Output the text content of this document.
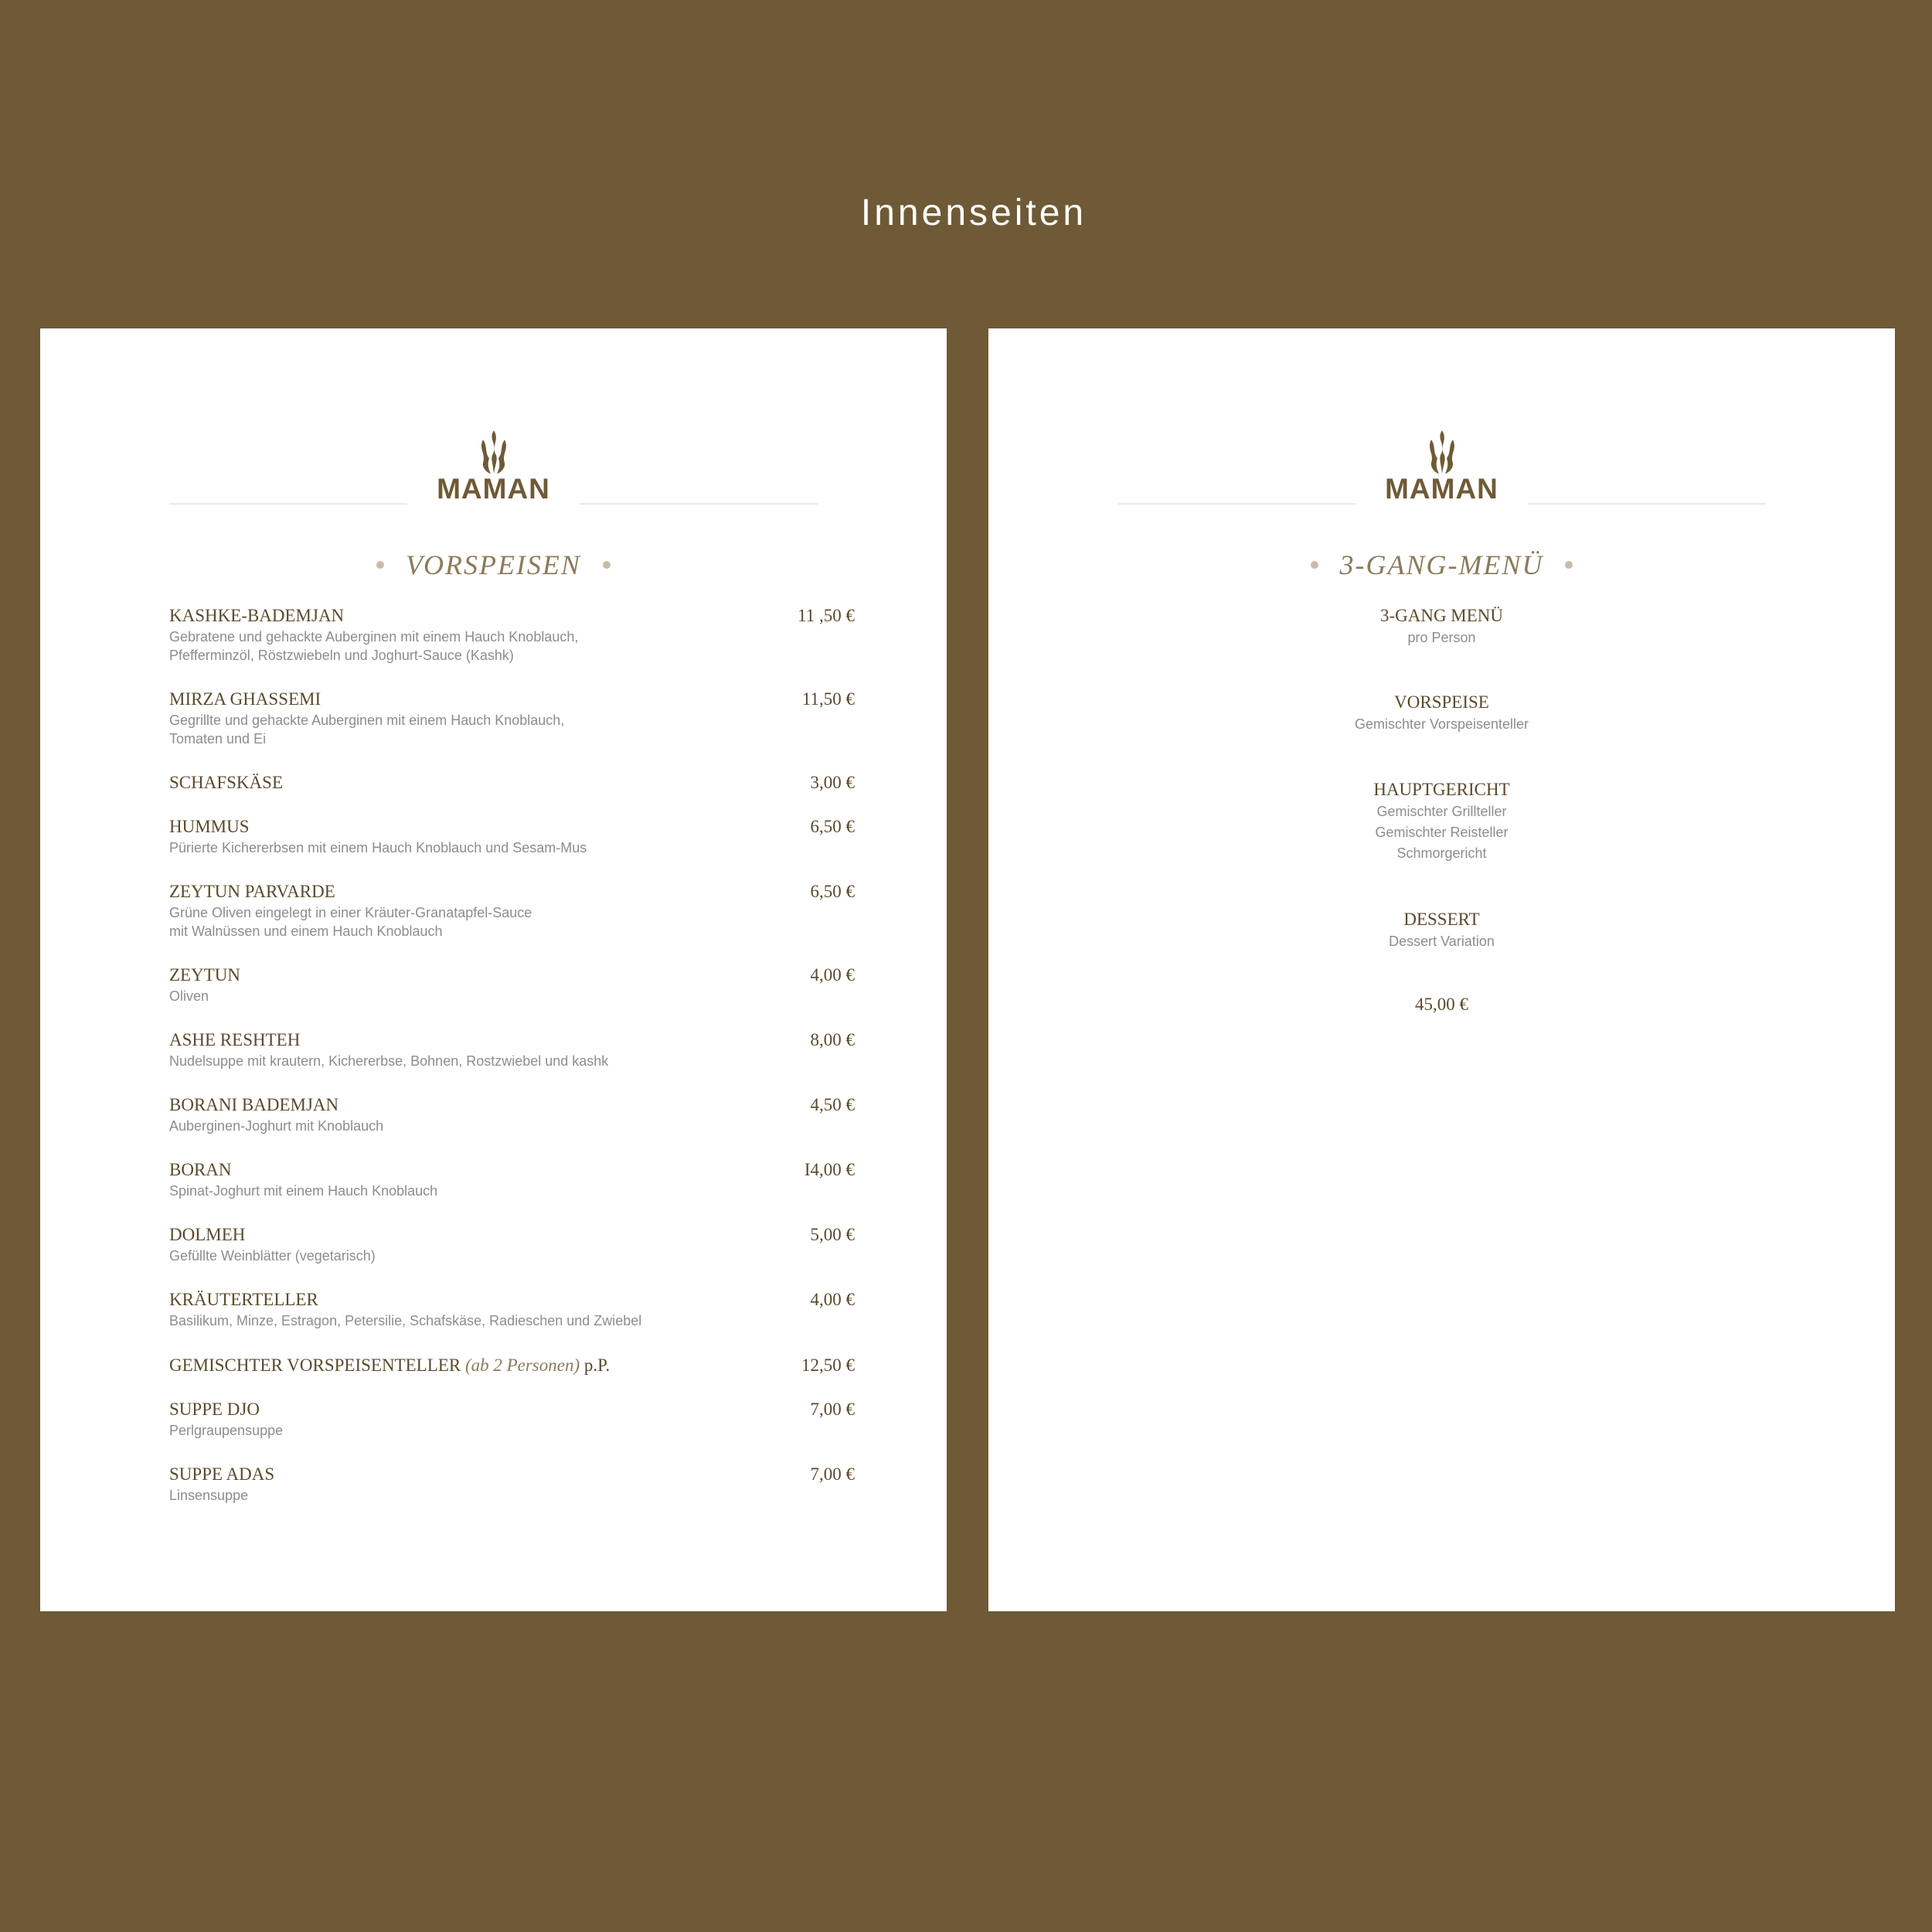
Innenseiten
MAMAN
VORSPEISEN
KASHKE-BADEMJAN	11 ,50 €
Gebratene und gehackte Auberginen mit einem Hauch Knoblauch,
Pfefferminzöl, Röstzwiebeln und Joghurt-Sauce (Kashk)
MIRZA GHASSEMI	11,50 €
Gegrillte und gehackte Auberginen mit einem Hauch Knoblauch,
Tomaten und Ei
SCHAFSKÄSE	3,00 €
HUMMUS	6,50 €
Pürierte Kichererbsen mit einem Hauch Knoblauch und Sesam-Mus
ZEYTUN PARVARDE	6,50 €
Grüne Oliven eingelegt in einer Kräuter-Granatapfel-Sauce
mit Walnüssen und einem Hauch Knoblauch
ZEYTUN	4,00 €
Oliven
ASHE RESHTEH	8,00 €
Nudelsuppe mit krautern, Kichererbse, Bohnen, Rostzwiebel und kashk
BORANI BADEMJAN	4,50 €
Auberginen-Joghurt mit Knoblauch
BORAN	I4,00 €
Spinat-Joghurt mit einem Hauch Knoblauch
DOLMEH	5,00 €
Gefüllte Weinblätter (vegetarisch)
KRÄUTERTELLER	4,00 €
Basilikum, Minze, Estragon, Petersilie, Schafskäse, Radieschen und Zwiebel
GEMISCHTER VORSPEISENTELLER (ab 2 Personen) p.P.	12,50 €
SUPPE DJO	7,00 €
Perlgraupensuppe
SUPPE ADAS	7,00 €
Linsensuppe
MAMAN
3-GANG-MENÜ
3-GANG MENÜ
pro Person
VORSPEISE
Gemischter Vorspeisenteller
HAUPTGERICHT
Gemischter Grillteller
Gemischter Reisteller
Schmorgericht
DESSERT
Dessert Variation
45,00 €
